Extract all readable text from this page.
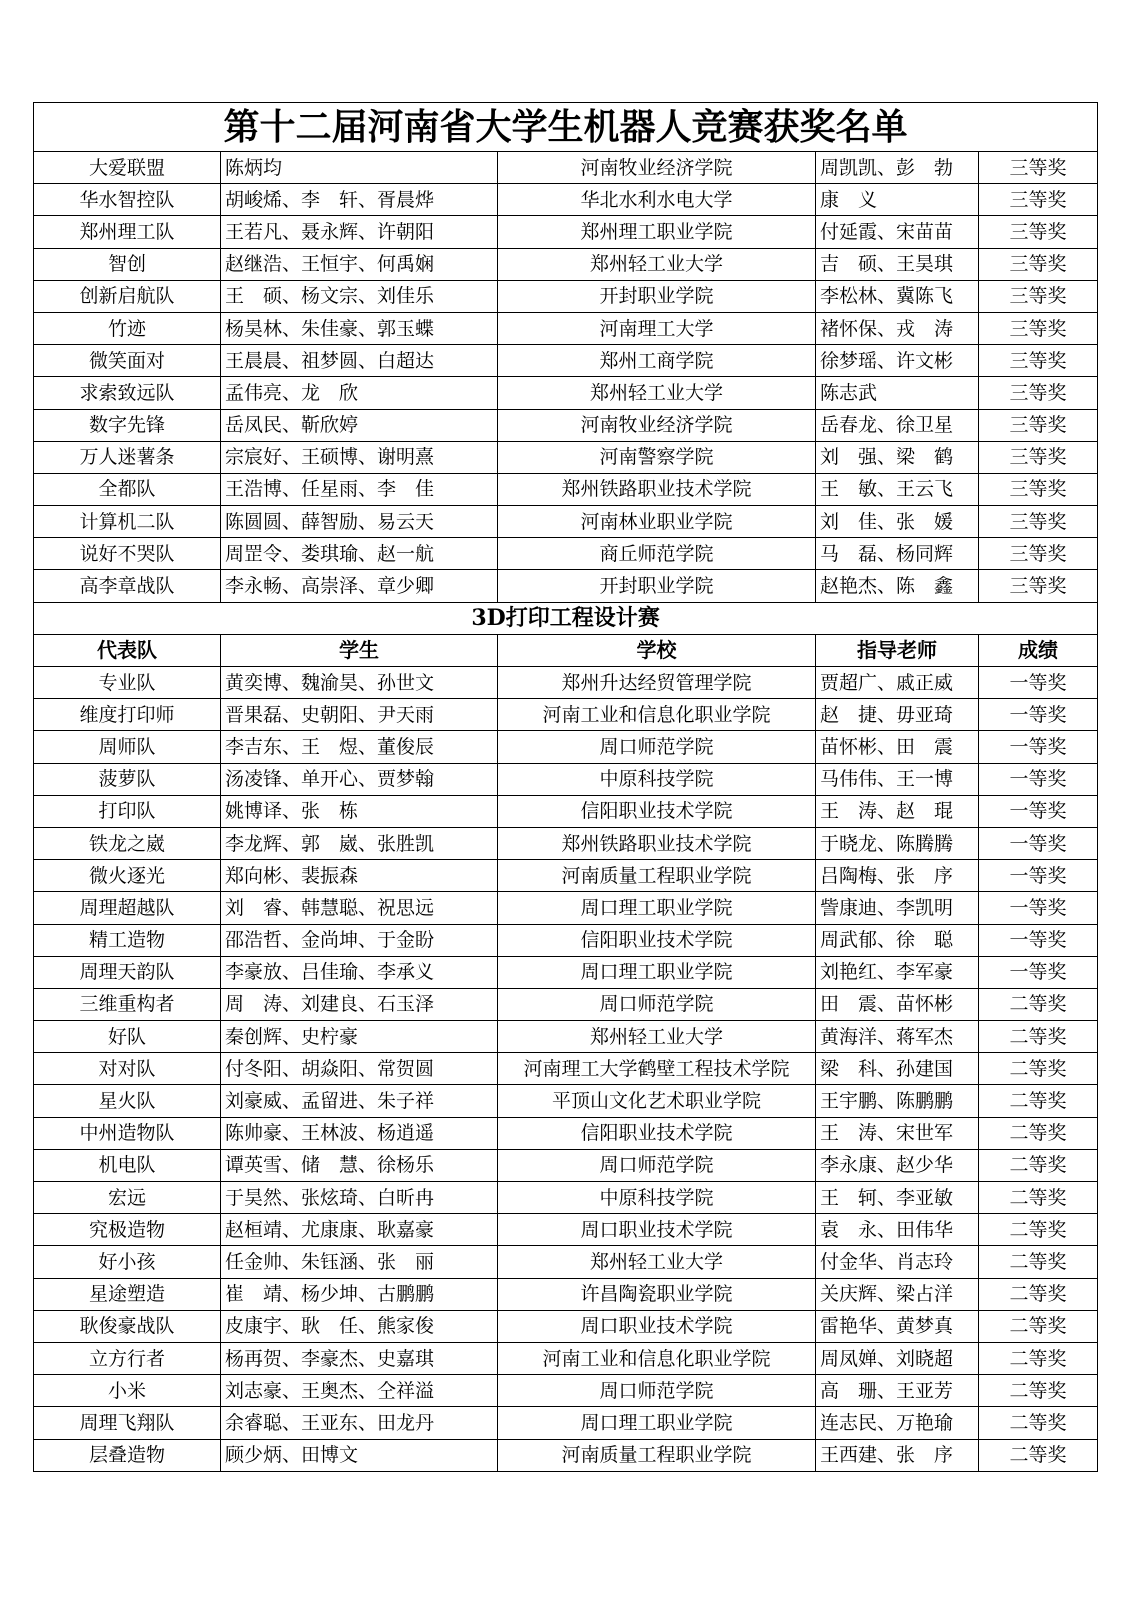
第十二届河南省大学生机器人竞赛获奖名单				
大爱联盟	陈炳均	河南牧业经济学院	周凯凯、彭　勃	三等奖
华水智控队	胡峻烯、李　轩、胥晨烨	华北水利水电大学	康　义	三等奖
郑州理工队	王若凡、聂永辉、许朝阳	郑州理工职业学院	付延霞、宋苗苗	三等奖
智创	赵继浩、王恒宇、何禹娴	郑州轻工业大学	吉　硕、王昊琪	三等奖
创新启航队	王　硕、杨文宗、刘佳乐	开封职业学院	李松林、冀陈飞	三等奖
竹迹	杨昊林、朱佳豪、郭玉蝶	河南理工大学	褚怀保、戎　涛	三等奖
微笑面对	王晨晨、祖梦圆、白超达	郑州工商学院	徐梦瑶、许文彬	三等奖
求索致远队	孟伟亮、龙　欣	郑州轻工业大学	陈志武	三等奖
数字先锋	岳凤民、靳欣婷	河南牧业经济学院	岳春龙、徐卫星	三等奖
万人迷薯条	宗宸好、王硕博、谢明熹	河南警察学院	刘　强、梁　鹤	三等奖
全都队	王浩博、任星雨、李　佳	郑州铁路职业技术学院	王　敏、王云飞	三等奖
计算机二队	陈圆圆、薛智励、易云天	河南林业职业学院	刘　佳、张　媛	三等奖
说好不哭队	周罡令、娄琪瑜、赵一航	商丘师范学院	马　磊、杨同辉	三等奖
高李章战队	李永畅、高崇泽、章少卿	开封职业学院	赵艳杰、陈　鑫	三等奖
3D打印工程设计赛				
代表队	学生	学校	指导老师	成绩
专业队	黄奕博、魏渝昊、孙世文	郑州升达经贸管理学院	贾超广、戚正威	一等奖
维度打印师	晋果磊、史朝阳、尹天雨	河南工业和信息化职业学院	赵　捷、毋亚琦	一等奖
周师队	李吉东、王　煜、董俊辰	周口师范学院	苗怀彬、田　震	一等奖
菠萝队	汤凌锋、单开心、贾梦翰	中原科技学院	马伟伟、王一博	一等奖
打印队	姚博译、张　栋	信阳职业技术学院	王　涛、赵　琨	一等奖
铁龙之崴	李龙辉、郭　崴、张胜凯	郑州铁路职业技术学院	于晓龙、陈腾腾	一等奖
微火逐光	郑向彬、裴振森	河南质量工程职业学院	吕陶梅、张　序	一等奖
周理超越队	刘　睿、韩慧聪、祝思远	周口理工职业学院	訾康迪、李凯明	一等奖
精工造物	邵浩哲、金尚坤、于金盼	信阳职业技术学院	周武郁、徐　聪	一等奖
周理天韵队	李豪放、吕佳瑜、李承义	周口理工职业学院	刘艳红、李军豪	一等奖
三维重构者	周　涛、刘建良、石玉泽	周口师范学院	田　震、苗怀彬	二等奖
好队	秦创辉、史柠豪	郑州轻工业大学	黄海洋、蒋军杰	二等奖
对对队	付冬阳、胡焱阳、常贺圆	河南理工大学鹤壁工程技术学院	梁　科、孙建国	二等奖
星火队	刘豪威、孟留进、朱子祥	平顶山文化艺术职业学院	王宇鹏、陈鹏鹏	二等奖
中州造物队	陈帅豪、王林波、杨逍遥	信阳职业技术学院	王　涛、宋世军	二等奖
机电队	谭英雪、储　慧、徐杨乐	周口师范学院	李永康、赵少华	二等奖
宏远	于昊然、张炫琦、白昕冉	中原科技学院	王　轲、李亚敏	二等奖
究极造物	赵桓靖、尤康康、耿嘉豪	周口职业技术学院	袁　永、田伟华	二等奖
好小孩	任金帅、朱钰涵、张　丽	郑州轻工业大学	付金华、肖志玲	二等奖
星途塑造	崔　靖、杨少坤、古鹏鹏	许昌陶瓷职业学院	关庆辉、梁占洋	二等奖
耿俊豪战队	皮康宇、耿　任、熊家俊	周口职业技术学院	雷艳华、黄梦真	二等奖
立方行者	杨再贺、李豪杰、史嘉琪	河南工业和信息化职业学院	周凤婵、刘晓超	二等奖
小米	刘志豪、王奥杰、仝祥溢	周口师范学院	高　珊、王亚芳	二等奖
周理飞翔队	余睿聪、王亚东、田龙丹	周口理工职业学院	连志民、万艳瑜	二等奖
层叠造物	顾少炳、田博文	河南质量工程职业学院	王西建、张　序	二等奖
